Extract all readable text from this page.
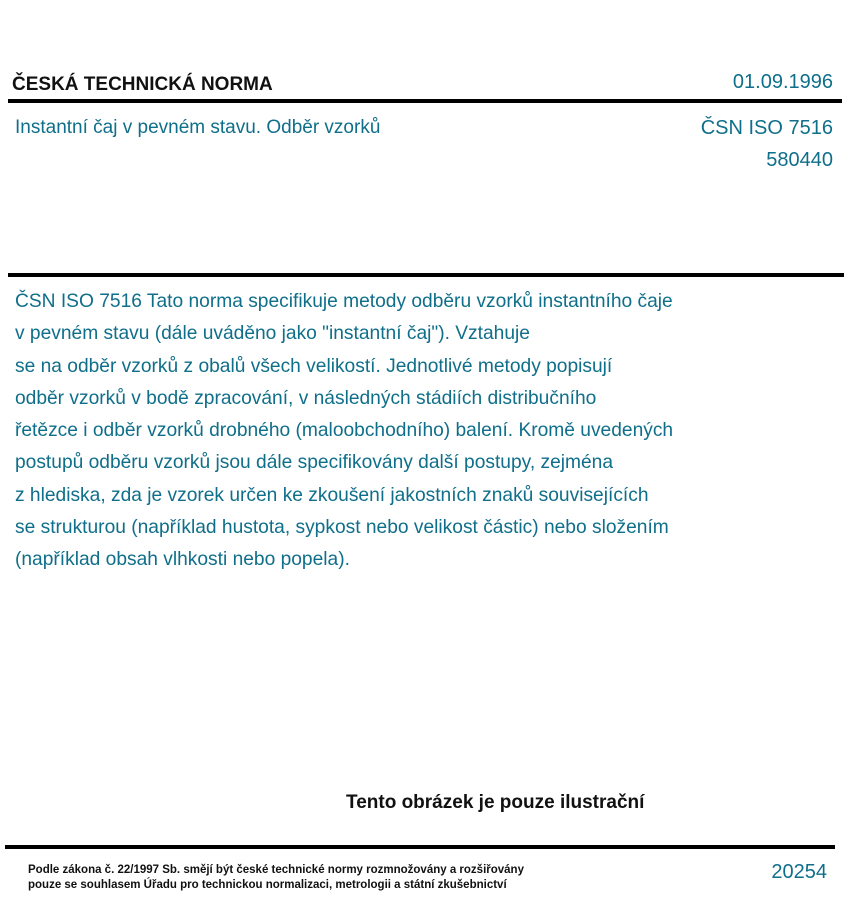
ČESKÁ TECHNICKÁ NORMA	01.09.1996
Instantní čaj v pevném stavu. Odběr vzorků	ČSN ISO 7516
580440
ČSN ISO 7516 Tato norma specifikuje metody odběru vzorků instantního čaje
v pevném stavu (dále uváděno jako "instantní čaj"). Vztahuje
se na odběr vzorků z obalů všech velikostí. Jednotlivé metody popisují
odběr vzorků v bodě zpracování, v následných stádiích distribučního
řetězce i odběr vzorků drobného (maloobchodního) balení. Kromě uvedených
postupů odběru vzorků jsou dále specifikovány další postupy, zejména
z hlediska, zda je vzorek určen ke zkoušení jakostních znaků souvisejících
se strukturou (například hustota, sypkost nebo velikost částic) nebo složením
(například obsah vlhkosti nebo popela).
Tento obrázek je pouze ilustrační
Podle zákona č. 22/1997 Sb. smějí být české technické normy rozmnožovány a rozšiřovány
pouze se souhlasem Úřadu pro technickou normalizaci, metrologii a státní zkušebnictví
20254
